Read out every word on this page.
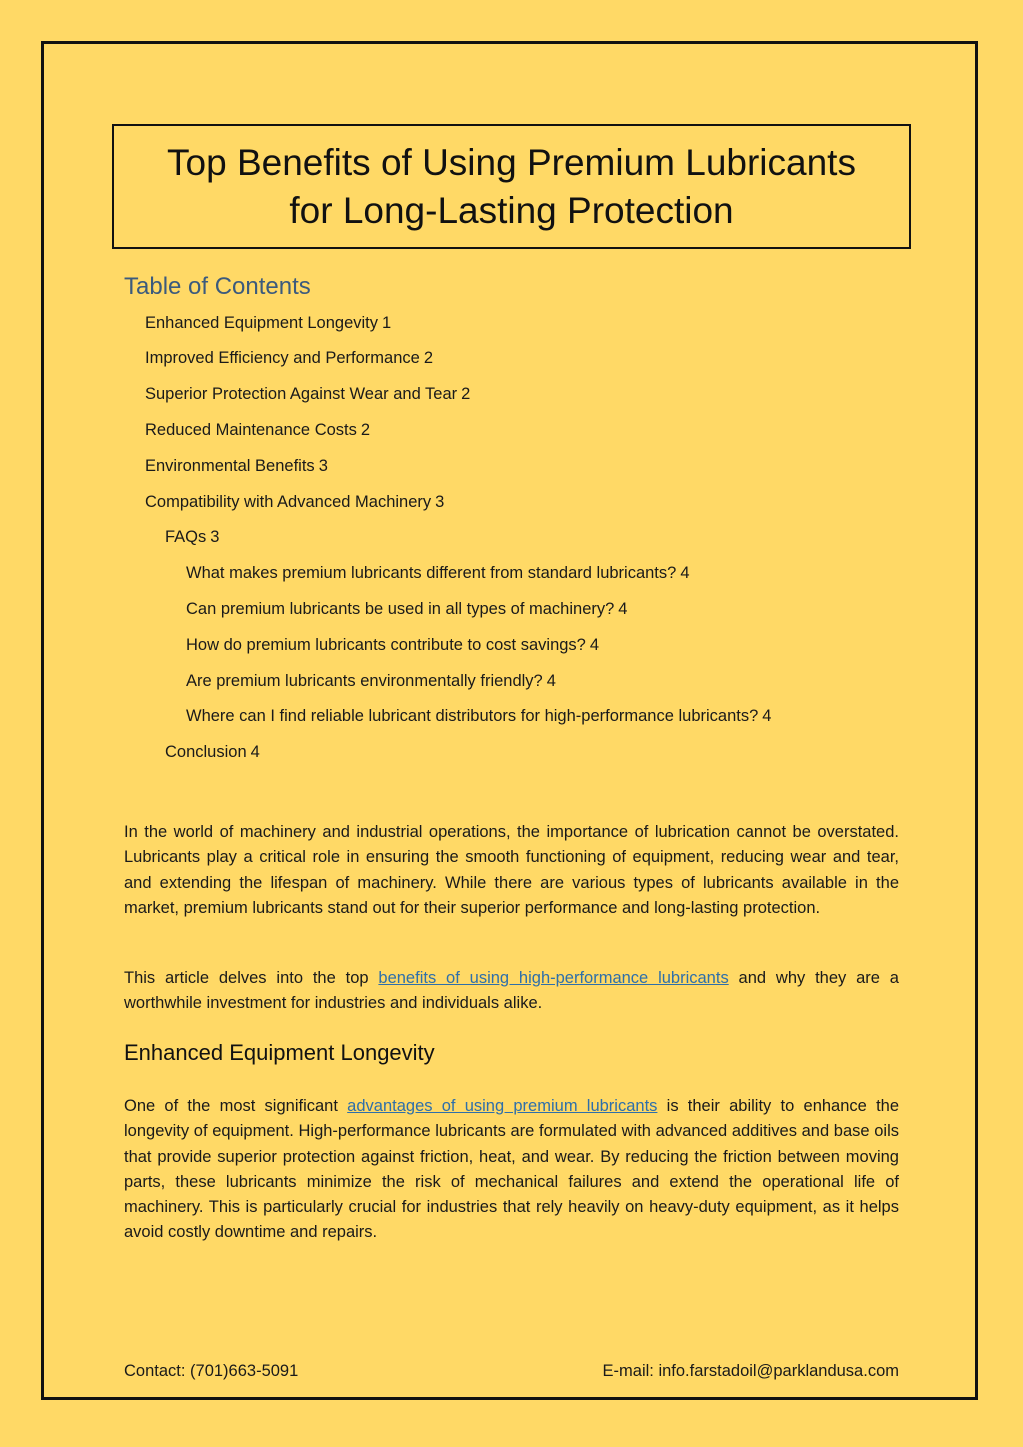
Top Benefits of Using Premium Lubricants
for Long-Lasting Protection
Table of Contents
Enhanced Equipment Longevity 1
Improved Efficiency and Performance 2
Superior Protection Against Wear and Tear 2
Reduced Maintenance Costs 2
Environmental Benefits 3
Compatibility with Advanced Machinery 3
FAQs 3
What makes premium lubricants different from standard lubricants? 4
Can premium lubricants be used in all types of machinery? 4
How do premium lubricants contribute to cost savings? 4
Are premium lubricants environmentally friendly? 4
Where can I find reliable lubricant distributors for high-performance lubricants? 4
Conclusion 4

In the world of machinery and industrial operations, the importance of lubrication cannot be overstated. Lubricants play a critical role in ensuring the smooth functioning of equipment, reducing wear and tear, and extending the lifespan of machinery. While there are various types of lubricants available in the market, premium lubricants stand out for their superior performance and long-lasting protection.

This article delves into the top benefits of using high-performance lubricants and why they are a worthwhile investment for industries and individuals alike.

Enhanced Equipment Longevity

One of the most significant advantages of using premium lubricants is their ability to enhance the longevity of equipment. High-performance lubricants are formulated with advanced additives and base oils that provide superior protection against friction, heat, and wear. By reducing the friction between moving parts, these lubricants minimize the risk of mechanical failures and extend the operational life of machinery. This is particularly crucial for industries that rely heavily on heavy-duty equipment, as it helps avoid costly downtime and repairs.

Contact: (701)663-5091	E-mail: info.farstadoil@parklandusa.com
